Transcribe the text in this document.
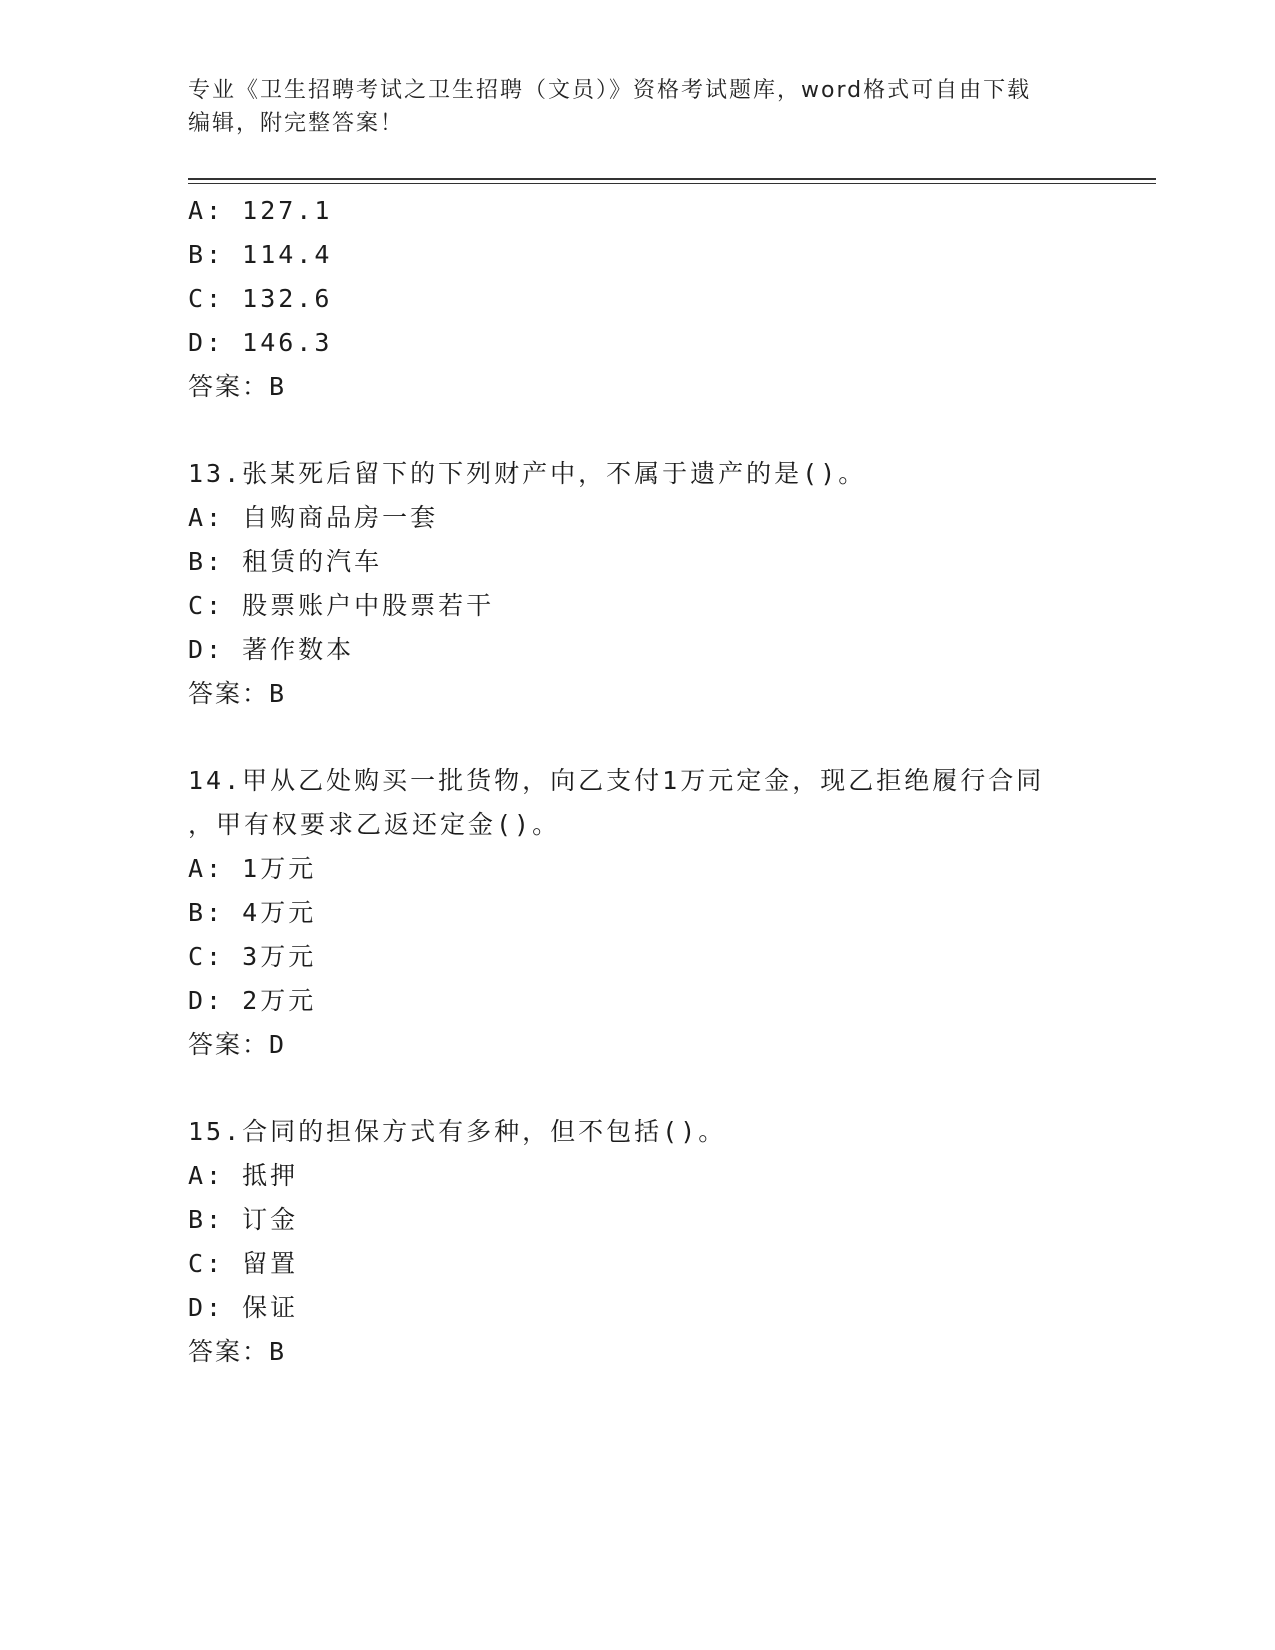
专业《卫生招聘考试之卫生招聘（文员）》资格考试题库，word格式可自由下载
编辑，附完整答案！
A: 127.1
B: 114.4
C: 132.6
D: 146.3
答案：B
13.张某死后留下的下列财产中，不属于遗产的是()。
A: 自购商品房一套
B: 租赁的汽车
C: 股票账户中股票若干
D: 著作数本
答案：B
14.甲从乙处购买一批货物，向乙支付1万元定金，现乙拒绝履行合同
，甲有权要求乙返还定金()。
A: 1万元
B: 4万元
C: 3万元
D: 2万元
答案：D
15.合同的担保方式有多种，但不包括()。
A: 抵押
B: 订金
C: 留置
D: 保证
答案：B
